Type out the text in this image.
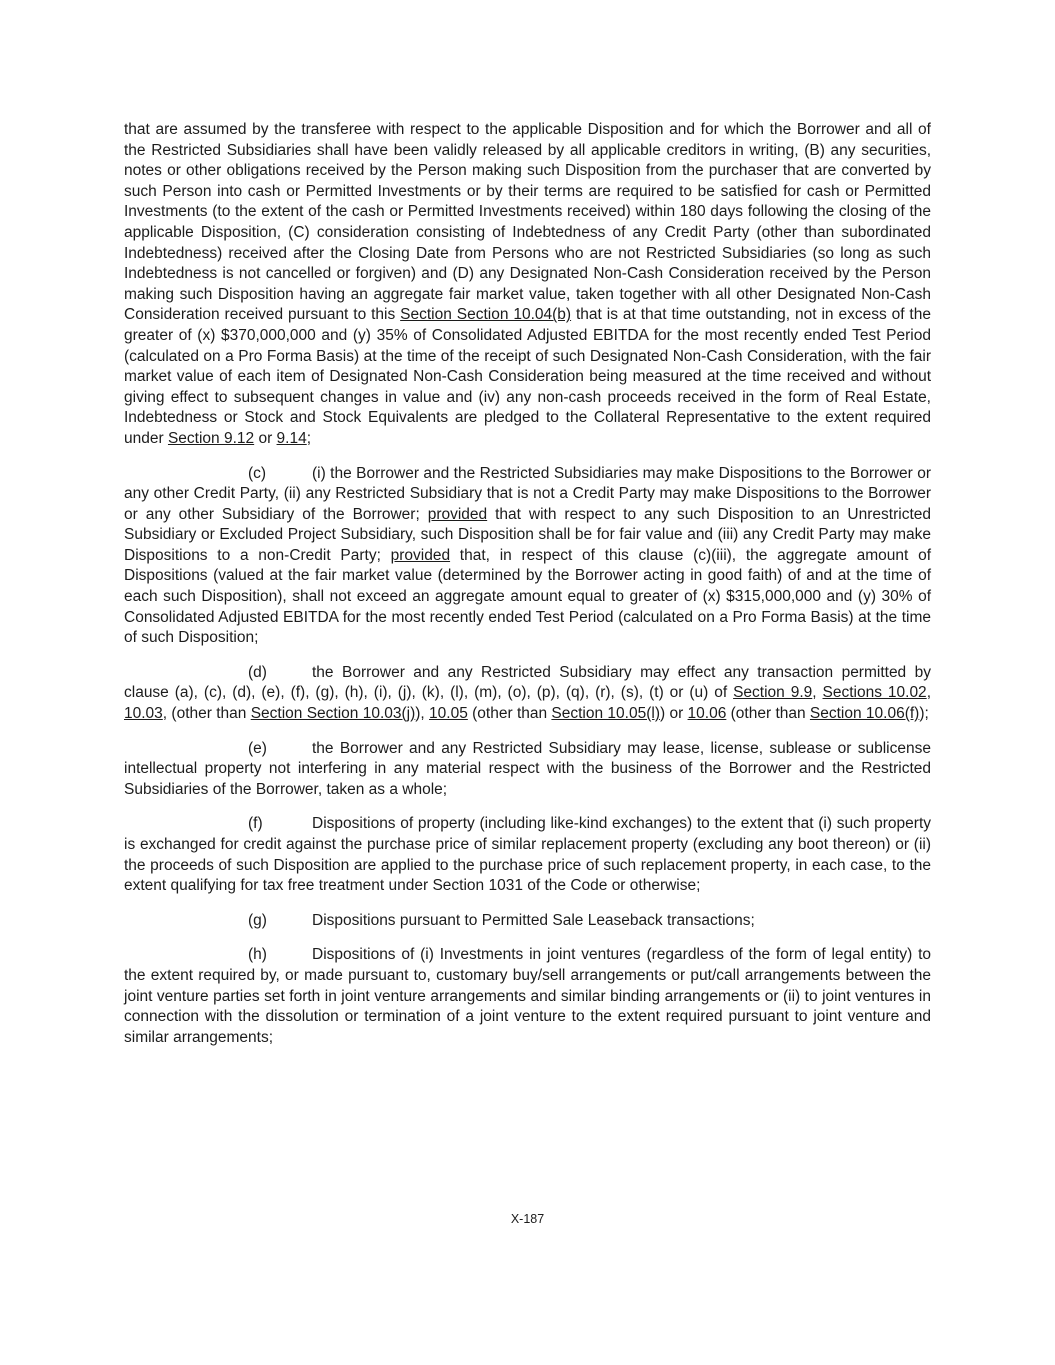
that are assumed by the transferee with respect to the applicable Disposition and for which the Borrower and all of the Restricted Subsidiaries shall have been validly released by all applicable creditors in writing, (B) any securities, notes or other obligations received by the Person making such Disposition from the purchaser that are converted by such Person into cash or Permitted Investments or by their terms are required to be satisfied for cash or Permitted Investments (to the extent of the cash or Permitted Investments received) within 180 days following the closing of the applicable Disposition, (C) consideration consisting of Indebtedness of any Credit Party (other than subordinated Indebtedness) received after the Closing Date from Persons who are not Restricted Subsidiaries (so long as such Indebtedness is not cancelled or forgiven) and (D) any Designated Non-Cash Consideration received by the Person making such Disposition having an aggregate fair market value, taken together with all other Designated Non-Cash Consideration received pursuant to this Section Section 10.04(b) that is at that time outstanding, not in excess of the greater of (x) $370,000,000 and (y) 35% of Consolidated Adjusted EBITDA for the most recently ended Test Period (calculated on a Pro Forma Basis) at the time of the receipt of such Designated Non-Cash Consideration, with the fair market value of each item of Designated Non-Cash Consideration being measured at the time received and without giving effect to subsequent changes in value and (iv) any non-cash proceeds received in the form of Real Estate, Indebtedness or Stock and Stock Equivalents are pledged to the Collateral Representative to the extent required under Section 9.12 or 9.14;

(c)	(i) the Borrower and the Restricted Subsidiaries may make Dispositions to the Borrower or any other Credit Party, (ii) any Restricted Subsidiary that is not a Credit Party may make Dispositions to the Borrower or any other Subsidiary of the Borrower; provided that with respect to any such Disposition to an Unrestricted Subsidiary or Excluded Project Subsidiary, such Disposition shall be for fair value and (iii) any Credit Party may make Dispositions to a non-Credit Party; provided that, in respect of this clause (c)(iii), the aggregate amount of Dispositions (valued at the fair market value (determined by the Borrower acting in good faith) of and at the time of each such Disposition), shall not exceed an aggregate amount equal to greater of (x) $315,000,000 and (y) 30% of Consolidated Adjusted EBITDA for the most recently ended Test Period (calculated on a Pro Forma Basis) at the time of such Disposition;

(d)	the Borrower and any Restricted Subsidiary may effect any transaction permitted by clause (a), (c), (d), (e), (f), (g), (h), (i), (j), (k), (l), (m), (o), (p), (q), (r), (s), (t) or (u) of Section 9.9, Sections 10.02, 10.03, (other than Section Section 10.03(j)), 10.05 (other than Section 10.05(l)) or 10.06 (other than Section 10.06(f));

(e)	the Borrower and any Restricted Subsidiary may lease, license, sublease or sublicense intellectual property not interfering in any material respect with the business of the Borrower and the Restricted Subsidiaries of the Borrower, taken as a whole;

(f)	Dispositions of property (including like-kind exchanges) to the extent that (i) such property is exchanged for credit against the purchase price of similar replacement property (excluding any boot thereon) or (ii) the proceeds of such Disposition are applied to the purchase price of such replacement property, in each case, to the extent qualifying for tax free treatment under Section 1031 of the Code or otherwise;

(g)	Dispositions pursuant to Permitted Sale Leaseback transactions;

(h)	Dispositions of (i) Investments in joint ventures (regardless of the form of legal entity) to the extent required by, or made pursuant to, customary buy/sell arrangements or put/call arrangements between the joint venture parties set forth in joint venture arrangements and similar binding arrangements or (ii) to joint ventures in connection with the dissolution or termination of a joint venture to the extent required pursuant to joint venture and similar arrangements;

X-187
